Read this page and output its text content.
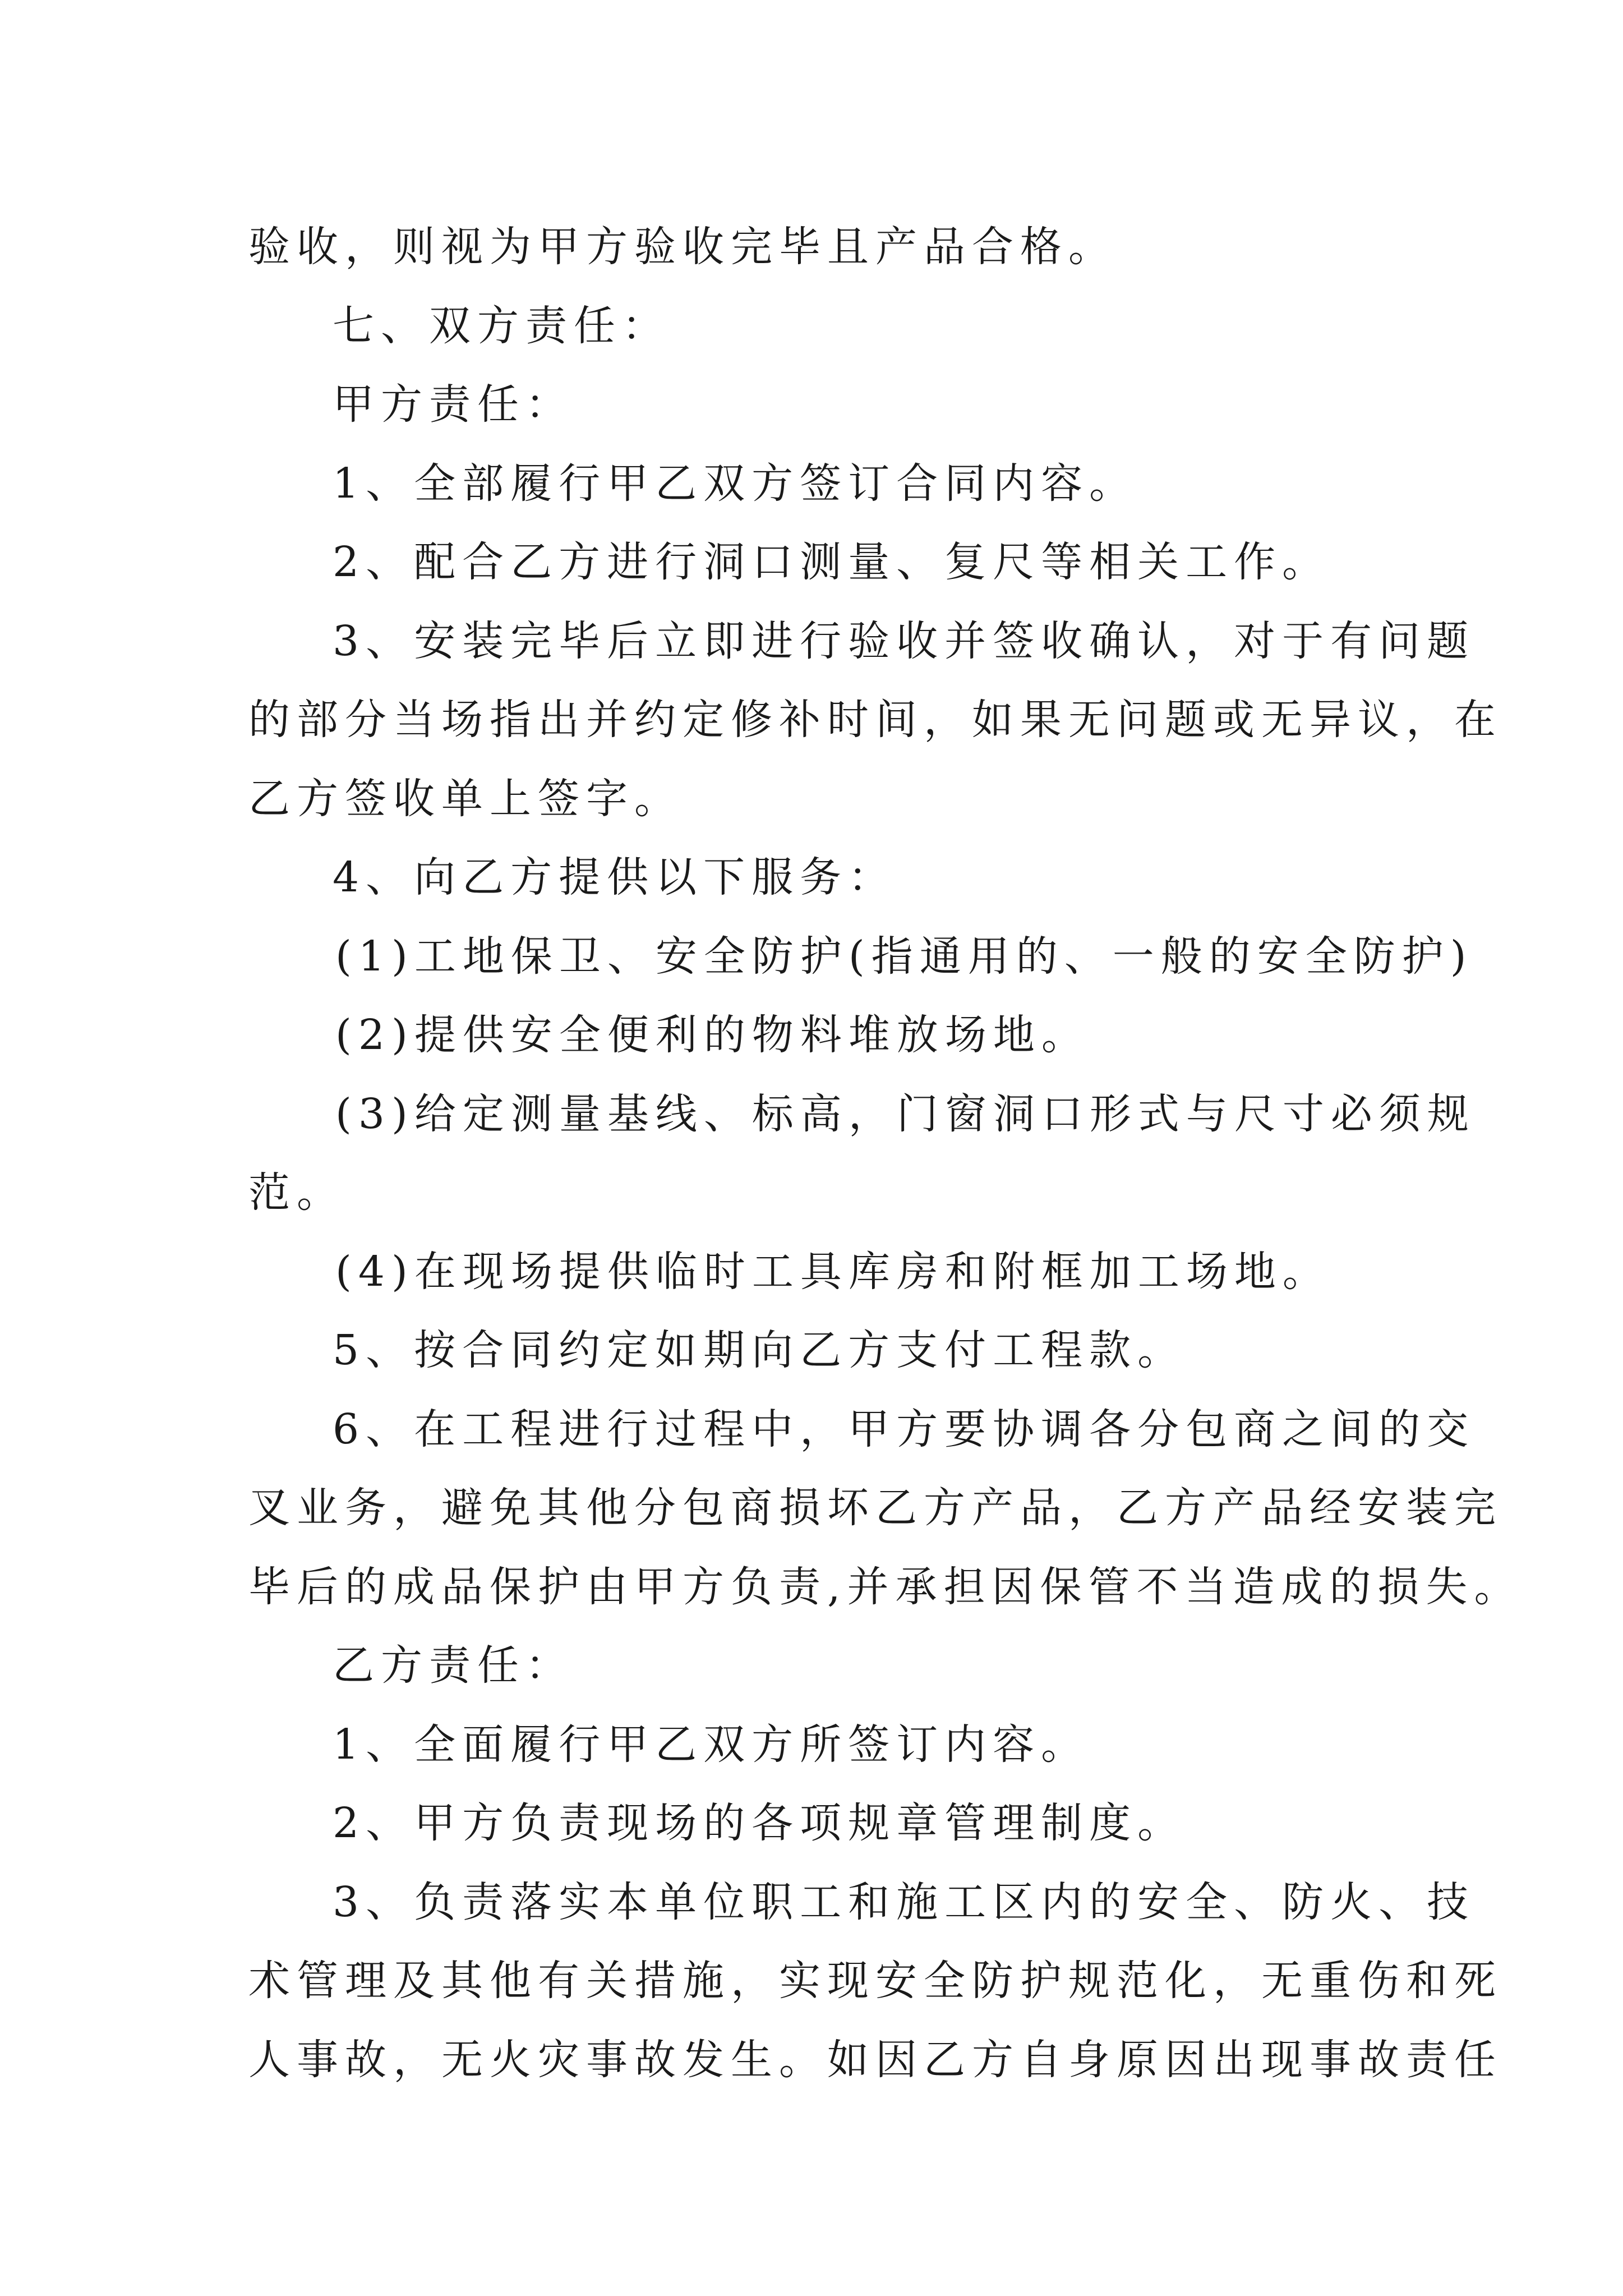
验收，则视为甲方验收完毕且产品合格。

七、双方责任：

甲方责任：

1、全部履行甲乙双方签订合同内容。

2、配合乙方进行洞口测量、复尺等相关工作。

3、安装完毕后立即进行验收并签收确认，对于有问题

的部分当场指出并约定修补时间，如果无问题或无异议，在

乙方签收单上签字。

4、向乙方提供以下服务：

(1)工地保卫、安全防护(指通用的、一般的安全防护)

(2)提供安全便利的物料堆放场地。

(3)给定测量基线、标高，门窗洞口形式与尺寸必须规

范。

(4)在现场提供临时工具库房和附框加工场地。

5、按合同约定如期向乙方支付工程款。

6、在工程进行过程中，甲方要协调各分包商之间的交

叉业务，避免其他分包商损坏乙方产品，乙方产品经安装完

毕后的成品保护由甲方负责,并承担因保管不当造成的损失。

乙方责任：

1、全面履行甲乙双方所签订内容。

2、甲方负责现场的各项规章管理制度。

3、负责落实本单位职工和施工区内的安全、防火、技

术管理及其他有关措施，实现安全防护规范化，无重伤和死

人事故，无火灾事故发生。如因乙方自身原因出现事故责任
